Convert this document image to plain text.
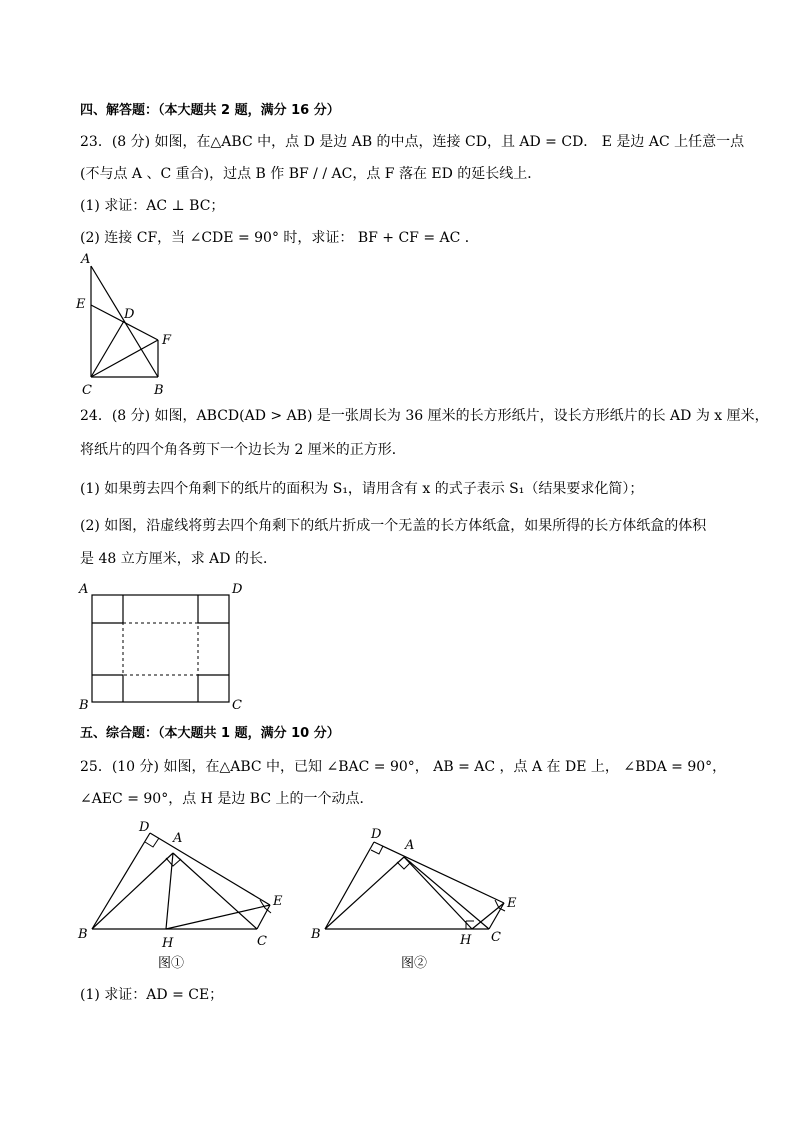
四、解答题：（本大题共 2 题，满分 16 分）
23．(8 分) 如图，在△ABC 中，点 D 是边 AB 的中点，连接 CD，且 AD = CD． E 是边 AC 上任意一点
(不与点 A 、C 重合)，过点 B 作 BF / / AC，点 F 落在 ED 的延长线上．
(1) 求证：AC ⊥ BC；
(2) 连接 CF，当 ∠CDE = 90° 时，求证： BF + CF = AC ．
24．(8 分) 如图，ABCD(AD > AB) 是一张周长为 36 厘米的长方形纸片，设长方形纸片的长 AD 为 x 厘米，
将纸片的四个角各剪下一个边长为 2 厘米的正方形．
(1) 如果剪去四个角剩下的纸片的面积为 S₁，请用含有 x 的式子表示 S₁（结果要求化简）；
(2) 如图，沿虚线将剪去四个角剩下的纸片折成一个无盖的长方体纸盒，如果所得的长方体纸盒的体积
是 48 立方厘米，求 AD 的长．
五、综合题：（本大题共 1 题，满分 10 分）
25．(10 分) 如图，在△ABC 中，已知 ∠BAC = 90°， AB = AC ，点 A 在 DE 上， ∠BDA = 90°，
∠AEC = 90°，点 H 是边 BC 上的一个动点．
(1) 求证：AD = CE；
A
E
D
F
C	B
A	D
B	C
D
A
E
B
H	C
图①
D
A
E
B	H C
图②
